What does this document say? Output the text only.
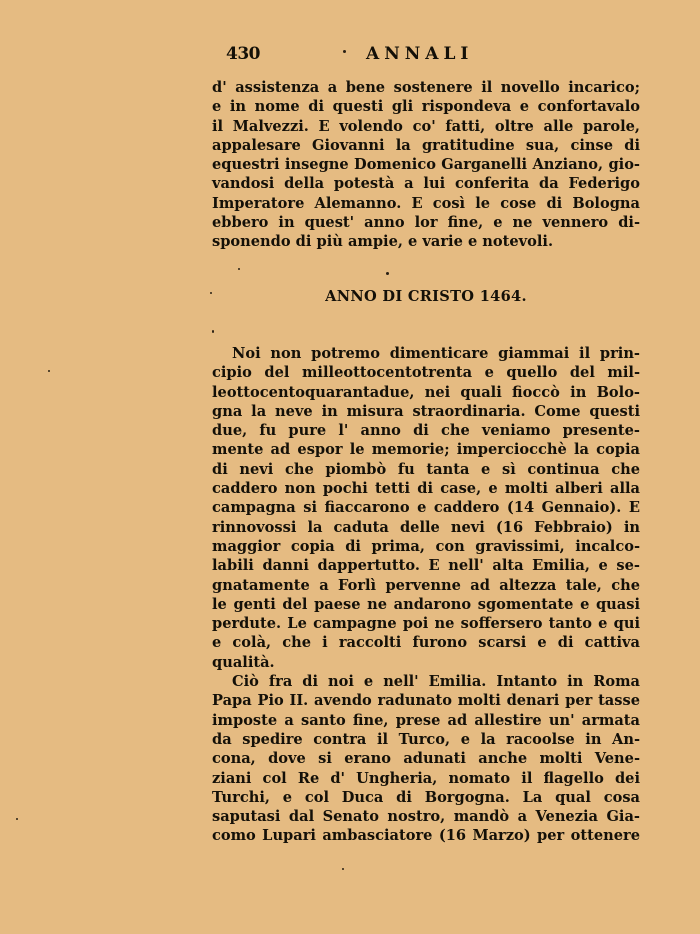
430	ANNALI
d' assistenza a bene sostenere il novello incarico;
e in nome di questi gli rispondeva e confortavalo
il Malvezzi. E volendo co' fatti, oltre alle parole,
appalesare Giovanni la gratitudine sua, cinse di
equestri insegne Domenico Garganelli Anziano, gio-
vandosi della potestà a lui conferita da Federigo
Imperatore Alemanno. E così le cose di Bologna
ebbero in quest' anno lor fine, e ne vennero di-
sponendo di più ampie, e varie e notevoli.
ANNO DI CRISTO 1464.
Noi non potremo dimenticare giammai il prin-
cipio del milleottocentotrenta e quello del mil-
leottocentoquarantadue, nei quali fioccò in Bolo-
gna la neve in misura straordinaria. Come questi
due, fu pure l' anno di che veniamo presente-
mente ad espor le memorie; imperciocchè la copia
di nevi che piombò fu tanta e sì continua che
caddero non pochi tetti di case, e molti alberi alla
campagna si fiaccarono e caddero (14 Gennaio). E
rinnovossi la caduta delle nevi (16 Febbraio) in
maggior copia di prima, con gravissimi, incalco-
labili danni dappertutto. E nell' alta Emilia, e se-
gnatamente a Forlì pervenne ad altezza tale, che
le genti del paese ne andarono sgomentate e quasi
perdute. Le campagne poi ne soffersero tanto e qui
e colà, che i raccolti furono scarsi e di cattiva
qualità.
Ciò fra di noi e nell' Emilia. Intanto in Roma
Papa Pio II. avendo radunato molti denari per tasse
imposte a santo fine, prese ad allestire un' armata
da spedire contra il Turco, e la racoolse in An-
cona, dove si erano adunati anche molti Vene-
ziani col Re d' Ungheria, nomato il flagello dei
Turchi, e col Duca di Borgogna. La qual cosa
saputasi dal Senato nostro, mandò a Venezia Gia-
como Lupari ambasciatore (16 Marzo) per ottenere
